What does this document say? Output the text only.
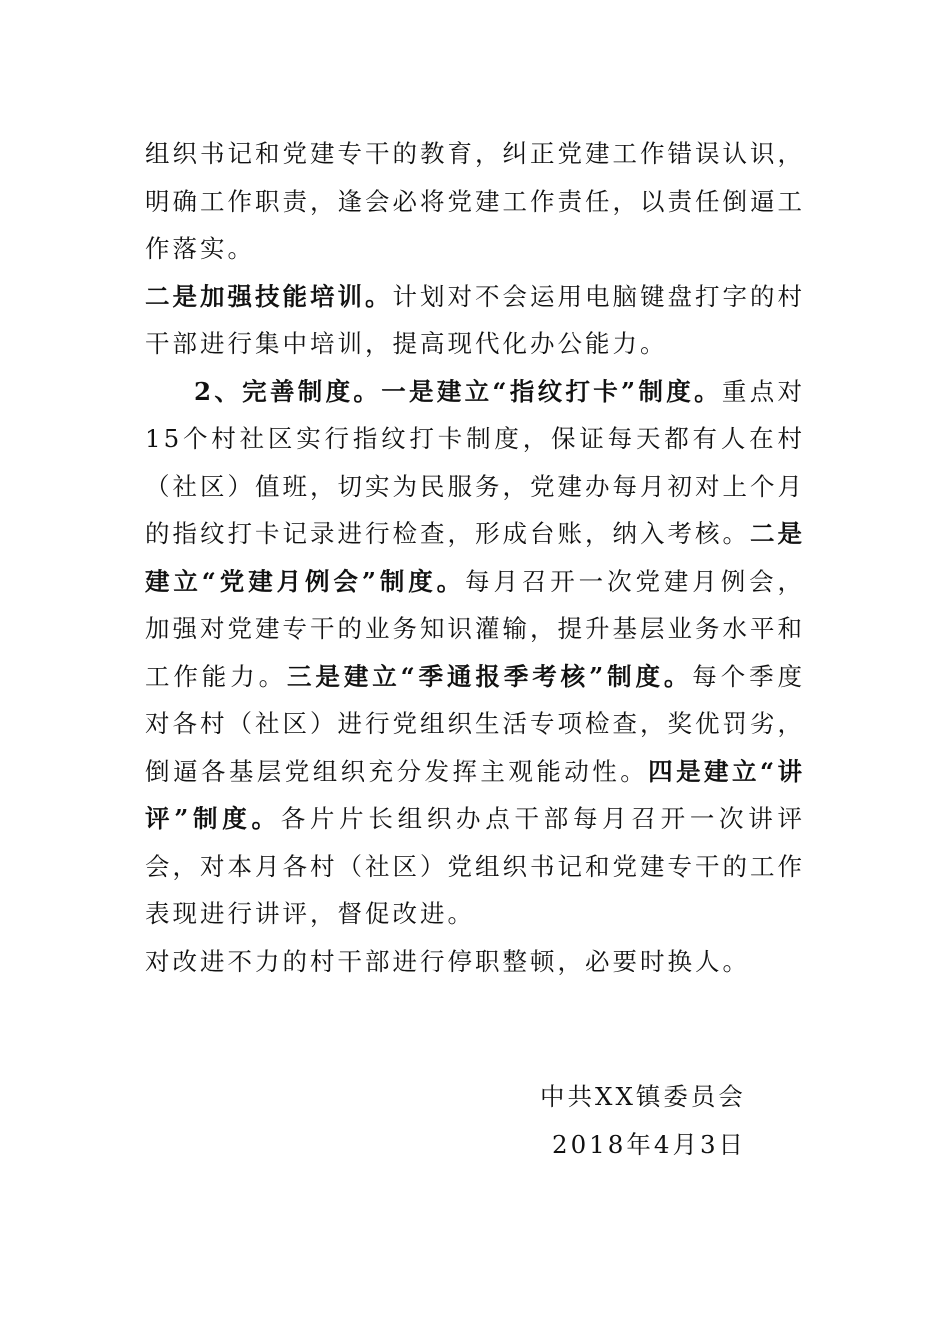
组织书记和党建专干的教育，纠正党建工作错误认识，明确工作职责，逢会必将党建工作责任，以责任倒逼工作落实。

二是加强技能培训。计划对不会运用电脑键盘打字的村干部进行集中培训，提高现代化办公能力。

2、完善制度。一是建立“指纹打卡”制度。重点对15个村社区实行指纹打卡制度，保证每天都有人在村（社区）值班，切实为民服务，党建办每月初对上个月的指纹打卡记录进行检查，形成台账，纳入考核。二是建立“党建月例会”制度。每月召开一次党建月例会，加强对党建专干的业务知识灌输，提升基层业务水平和工作能力。三是建立“季通报季考核”制度。每个季度对各村（社区）进行党组织生活专项检查，奖优罚劣，倒逼各基层党组织充分发挥主观能动性。四是建立“讲评”制度。各片片长组织办点干部每月召开一次讲评会，对本月各村（社区）党组织书记和党建专干的工作表现进行讲评，督促改进。

对改进不力的村干部进行停职整顿，必要时换人。

中共XX镇委员会

2018年4月3日
